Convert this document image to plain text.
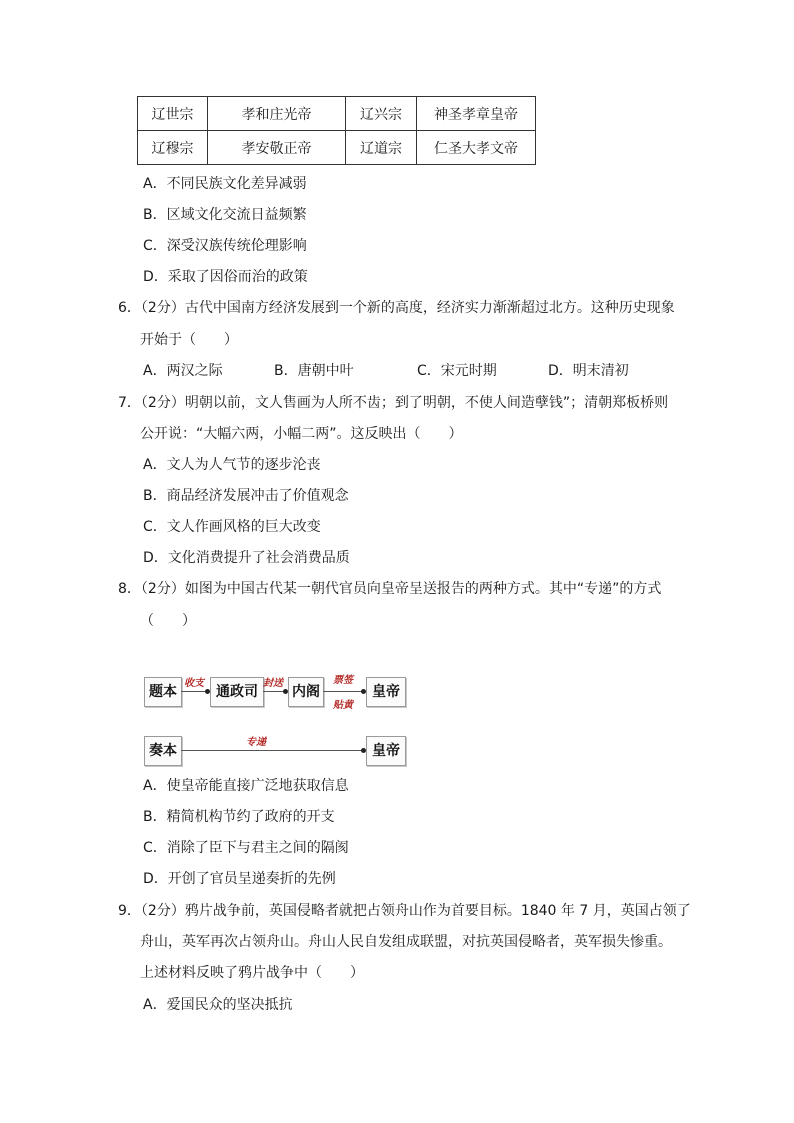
辽世宗	孝和庄光帝	辽兴宗	神圣孝章皇帝
辽穆宗	孝安敬正帝	辽道宗	仁圣大孝文帝
A．不同民族文化差异减弱
B．区域文化交流日益频繁
C．深受汉族传统伦理影响
D．采取了因俗而治的政策
6．（2分）古代中国南方经济发展到一个新的高度，经济实力渐渐超过北方。这种历史现象
开始于（　　）
A．两汉之际	B．唐朝中叶	C．宋元时期	D．明末清初
7．（2分）明朝以前，文人售画为人所不齿；到了明朝，不使人间造孽钱”；清朝郑板桥则
公开说：“大幅六两，小幅二两”。这反映出（　　）
A．文人为人气节的逐步沦丧
B．商品经济发展冲击了价值观念
C．文人作画风格的巨大改变
D．文化消费提升了社会消费品质
8．（2分）如图为中国古代某一朝代官员向皇帝呈送报告的两种方式。其中“专递”的方式
（　　）
题本
收支
通政司
封送
内阁
票签
贴黄
皇帝
奏本
专递
皇帝
A．使皇帝能直接广泛地获取信息
B．精简机构节约了政府的开支
C．消除了臣下与君主之间的隔阂
D．开创了官员呈递奏折的先例
9．（2分）鸦片战争前，英国侵略者就把占领舟山作为首要目标。1840 年 7 月，英国占领了
舟山，英军再次占领舟山。舟山人民自发组成联盟，对抗英国侵略者，英军损失惨重。
上述材料反映了鸦片战争中（　　）
A．爱国民众的坚决抵抗
